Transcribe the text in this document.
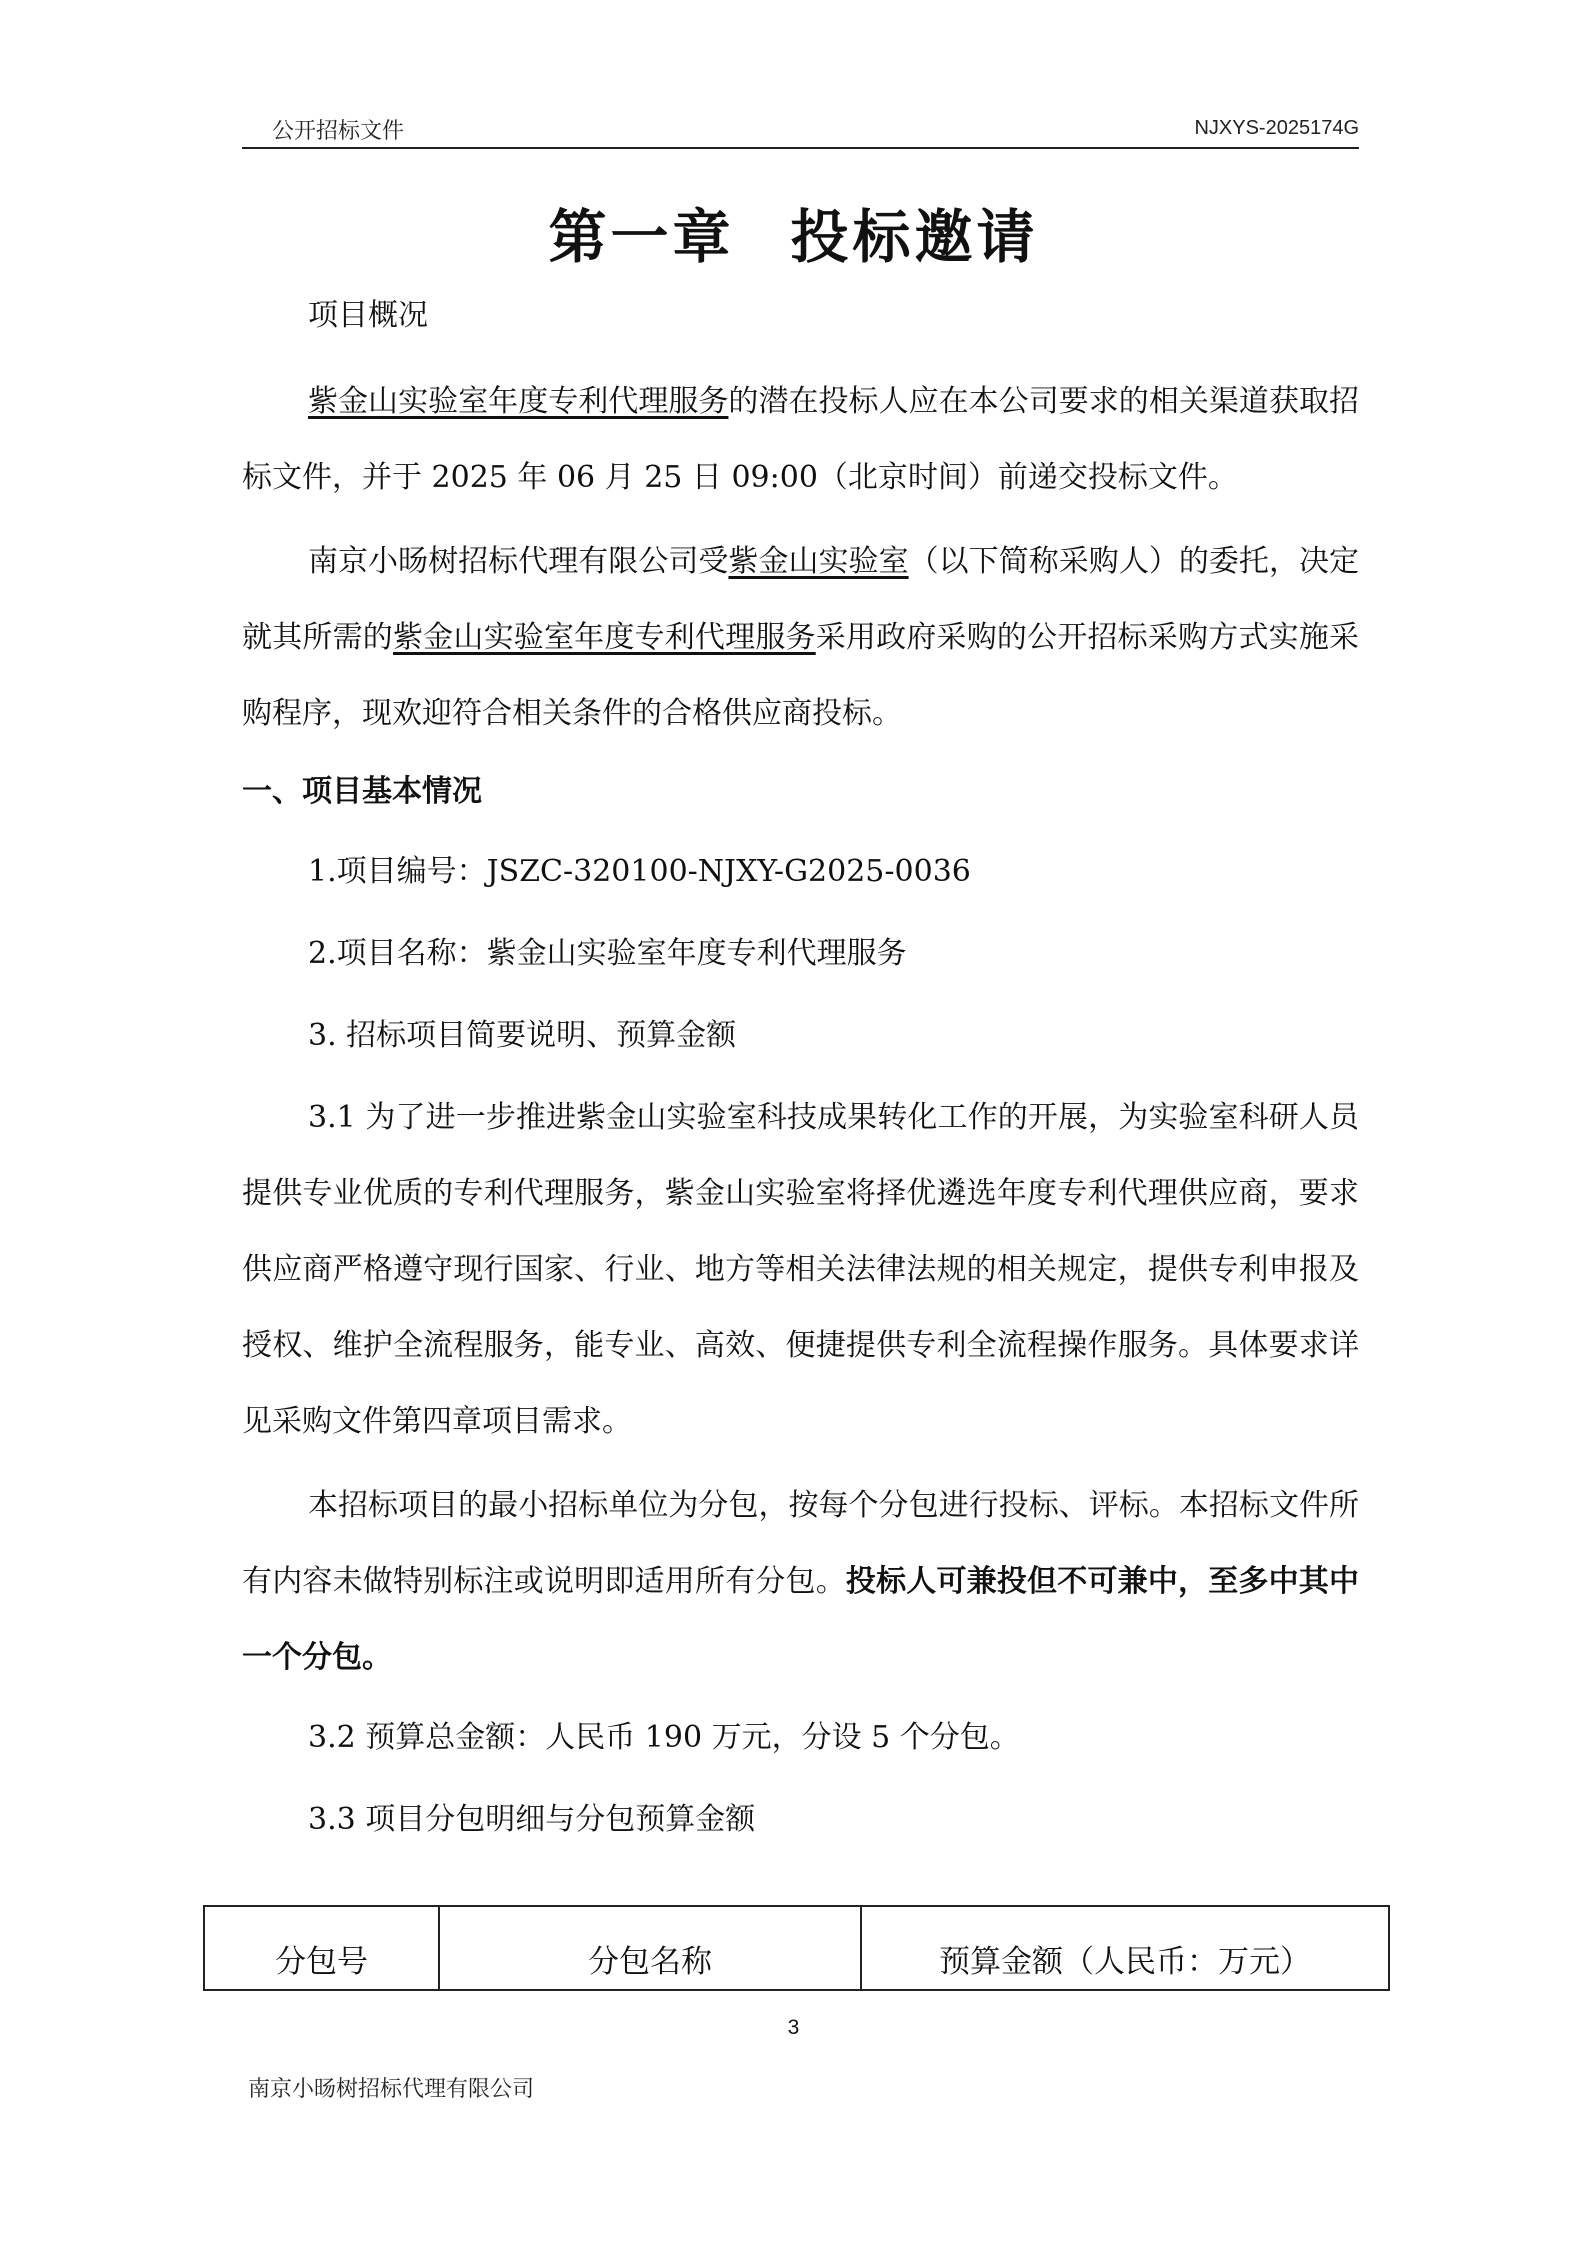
公开招标文件	NJXYS-2025174G
第一章 投标邀请
项目概况
紫金山实验室年度专利代理服务的潜在投标人应在本公司要求的相关渠道获取招标文件，并于 2025 年 06 月 25 日 09:00（北京时间）前递交投标文件。
南京小旸树招标代理有限公司受紫金山实验室（以下简称采购人）的委托，决定就其所需的紫金山实验室年度专利代理服务采用政府采购的公开招标采购方式实施采购程序，现欢迎符合相关条件的合格供应商投标。
一、项目基本情况
1.项目编号：JSZC-320100-NJXY-G2025-0036
2.项目名称：紫金山实验室年度专利代理服务
3. 招标项目简要说明、预算金额
3.1 为了进一步推进紫金山实验室科技成果转化工作的开展，为实验室科研人员提供专业优质的专利代理服务，紫金山实验室将择优遴选年度专利代理供应商，要求供应商严格遵守现行国家、行业、地方等相关法律法规的相关规定，提供专利申报及授权、维护全流程服务，能专业、高效、便捷提供专利全流程操作服务。具体要求详见采购文件第四章项目需求。
本招标项目的最小招标单位为分包，按每个分包进行投标、评标。本招标文件所有内容未做特别标注或说明即适用所有分包。投标人可兼投但不可兼中，至多中其中一个分包。
3.2 预算总金额：人民币 190 万元，分设 5 个分包。
3.3 项目分包明细与分包预算金额
分包号	分包名称	预算金额（人民币：万元）
3
南京小旸树招标代理有限公司
